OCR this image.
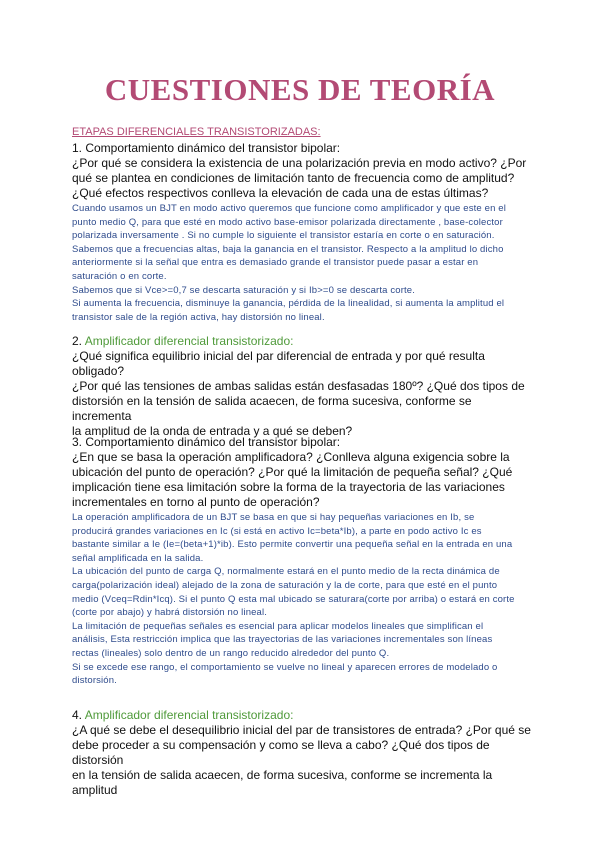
CUESTIONES DE TEORÍA
ETAPAS DIFERENCIALES TRANSISTORIZADAS:

1. Comportamiento dinámico del transistor bipolar:

¿Por qué se considera la existencia de una polarización previa en modo activo? ¿Por

qué se plantea en condiciones de limitación tanto de frecuencia como de amplitud?

¿Qué efectos respectivos conlleva la elevación de cada una de estas últimas?

Cuando usamos un BJT en modo activo queremos que funcione como amplificador y que este en el

punto medio Q, para que esté en modo activo base-emisor polarizada directamente , base-colector

polarizada inversamente . Si no cumple lo siguiente el transistor estaría en corte o en saturación.

Sabemos que a frecuencias altas, baja la ganancia en el transistor. Respecto a la amplitud lo dicho

anteriormente si la señal que entra es demasiado grande el transistor puede pasar a estar en

saturación o en corte.

Sabemos que si Vce>=0,7 se descarta saturación y si Ib>=0 se descarta corte.

Si aumenta la frecuencia, disminuye la ganancia, pérdida de la linealidad, si aumenta la amplitud el

transistor sale de la región activa, hay distorsión no lineal.

2. Amplificador diferencial transistorizado:

¿Qué significa equilibrio inicial del par diferencial de entrada y por qué resulta obligado?

¿Por qué las tensiones de ambas salidas están desfasadas 180º? ¿Qué dos tipos de

distorsión en la tensión de salida acaecen, de forma sucesiva, conforme se incrementa

la amplitud de la onda de entrada y a qué se deben?

3. Comportamiento dinámico del transistor bipolar:

¿En que se basa la operación amplificadora? ¿Conlleva alguna exigencia sobre la

ubicación del punto de operación? ¿Por qué la limitación de pequeña señal? ¿Qué

implicación tiene esa limitación sobre la forma de la trayectoria de las variaciones

incrementales en torno al punto de operación?

La operación amplificadora de un BJT se basa en que si hay pequeñas variaciones en Ib, se

producirá grandes variaciones en Ic (si está en activo Ic=beta*Ib), a parte en podo activo Ic es

bastante similar a Ie (Ie=(beta+1)*ib). Esto permite convertir una pequeña señal en la entrada en una

señal amplificada en la salida.

La ubicación del punto de carga Q, normalmente estará en el punto medio de la recta dinámica de

carga(polarización ideal) alejado de la zona de saturación y la de corte, para que esté en el punto

medio (Vceq=Rdin*Icq). Si el punto Q esta mal ubicado se saturara(corte por arriba) o estará en corte

(corte por abajo) y habrá distorsión no lineal.

La limitación de pequeñas señales es esencial para aplicar modelos lineales que simplifican el

análisis, Esta restricción implica que las trayectorias de las variaciones incrementales son líneas

rectas (lineales) solo dentro de un rango reducido alrededor del punto Q.

Si se excede ese rango, el comportamiento se vuelve no lineal y aparecen errores de modelado o

distorsión.

4. Amplificador diferencial transistorizado:

¿A qué se debe el desequilibrio inicial del par de transistores de entrada? ¿Por qué se

debe proceder a su compensación y como se lleva a cabo? ¿Qué dos tipos de distorsión

en la tensión de salida acaecen, de forma sucesiva, conforme se incrementa la amplitud
